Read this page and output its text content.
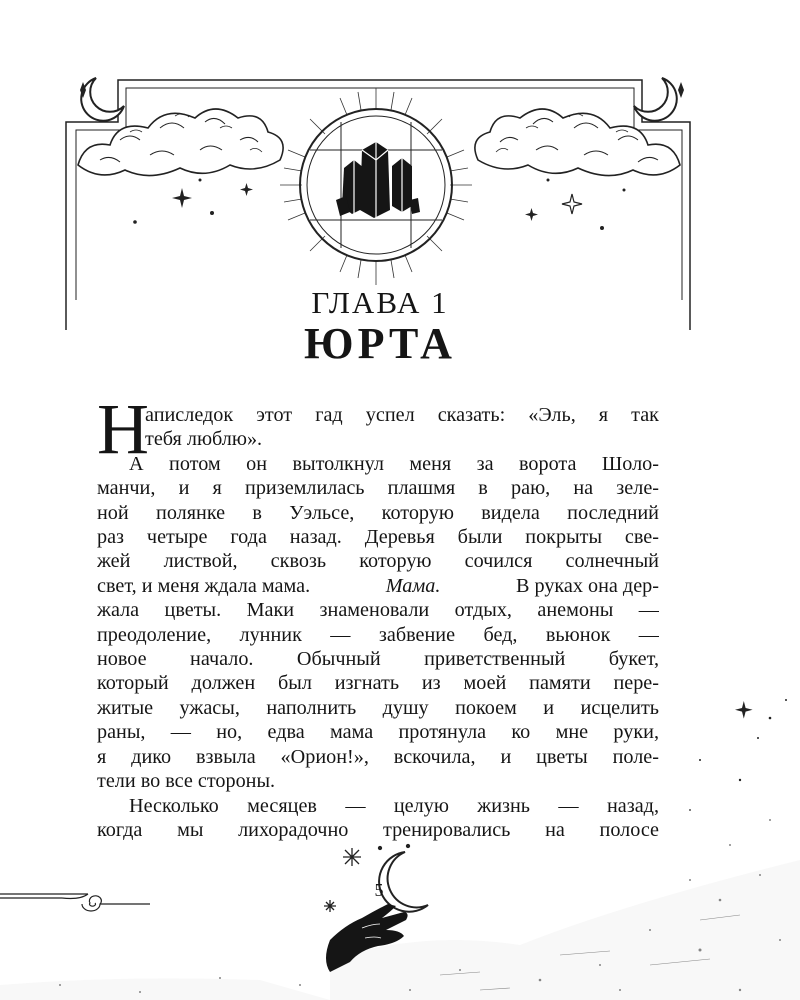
ГЛАВА 1
ЮРТА
Н
аписледок этот гад успел сказать: «Эль, я так
тебя люблю».
А потом он вытолкнул меня за ворота Шоло-
манчи, и я приземлилась плашмя в раю, на зеле-
ной полянке в Уэльсе, которую видела последний
раз четыре года назад. Деревья были покрыты све-
жей листвой, сквозь которую сочился солнечный
свет, и меня ждала мама.	Мама.	В руках она дер-
жала цветы. Маки знаменовали отдых, анемоны —
преодоление, лунник — забвение бед, вьюнок —
новое начало. Обычный приветственный букет,
который должен был изгнать из моей памяти пере-
житые ужасы, наполнить душу покоем и исцелить
раны, — но, едва мама протянула ко мне руки,
я дико взвыла «Орион!», вскочила, и цветы поле-
тели во все стороны.
Несколько месяцев — целую жизнь — назад,
когда мы лихорадочно тренировались на полосе
5
